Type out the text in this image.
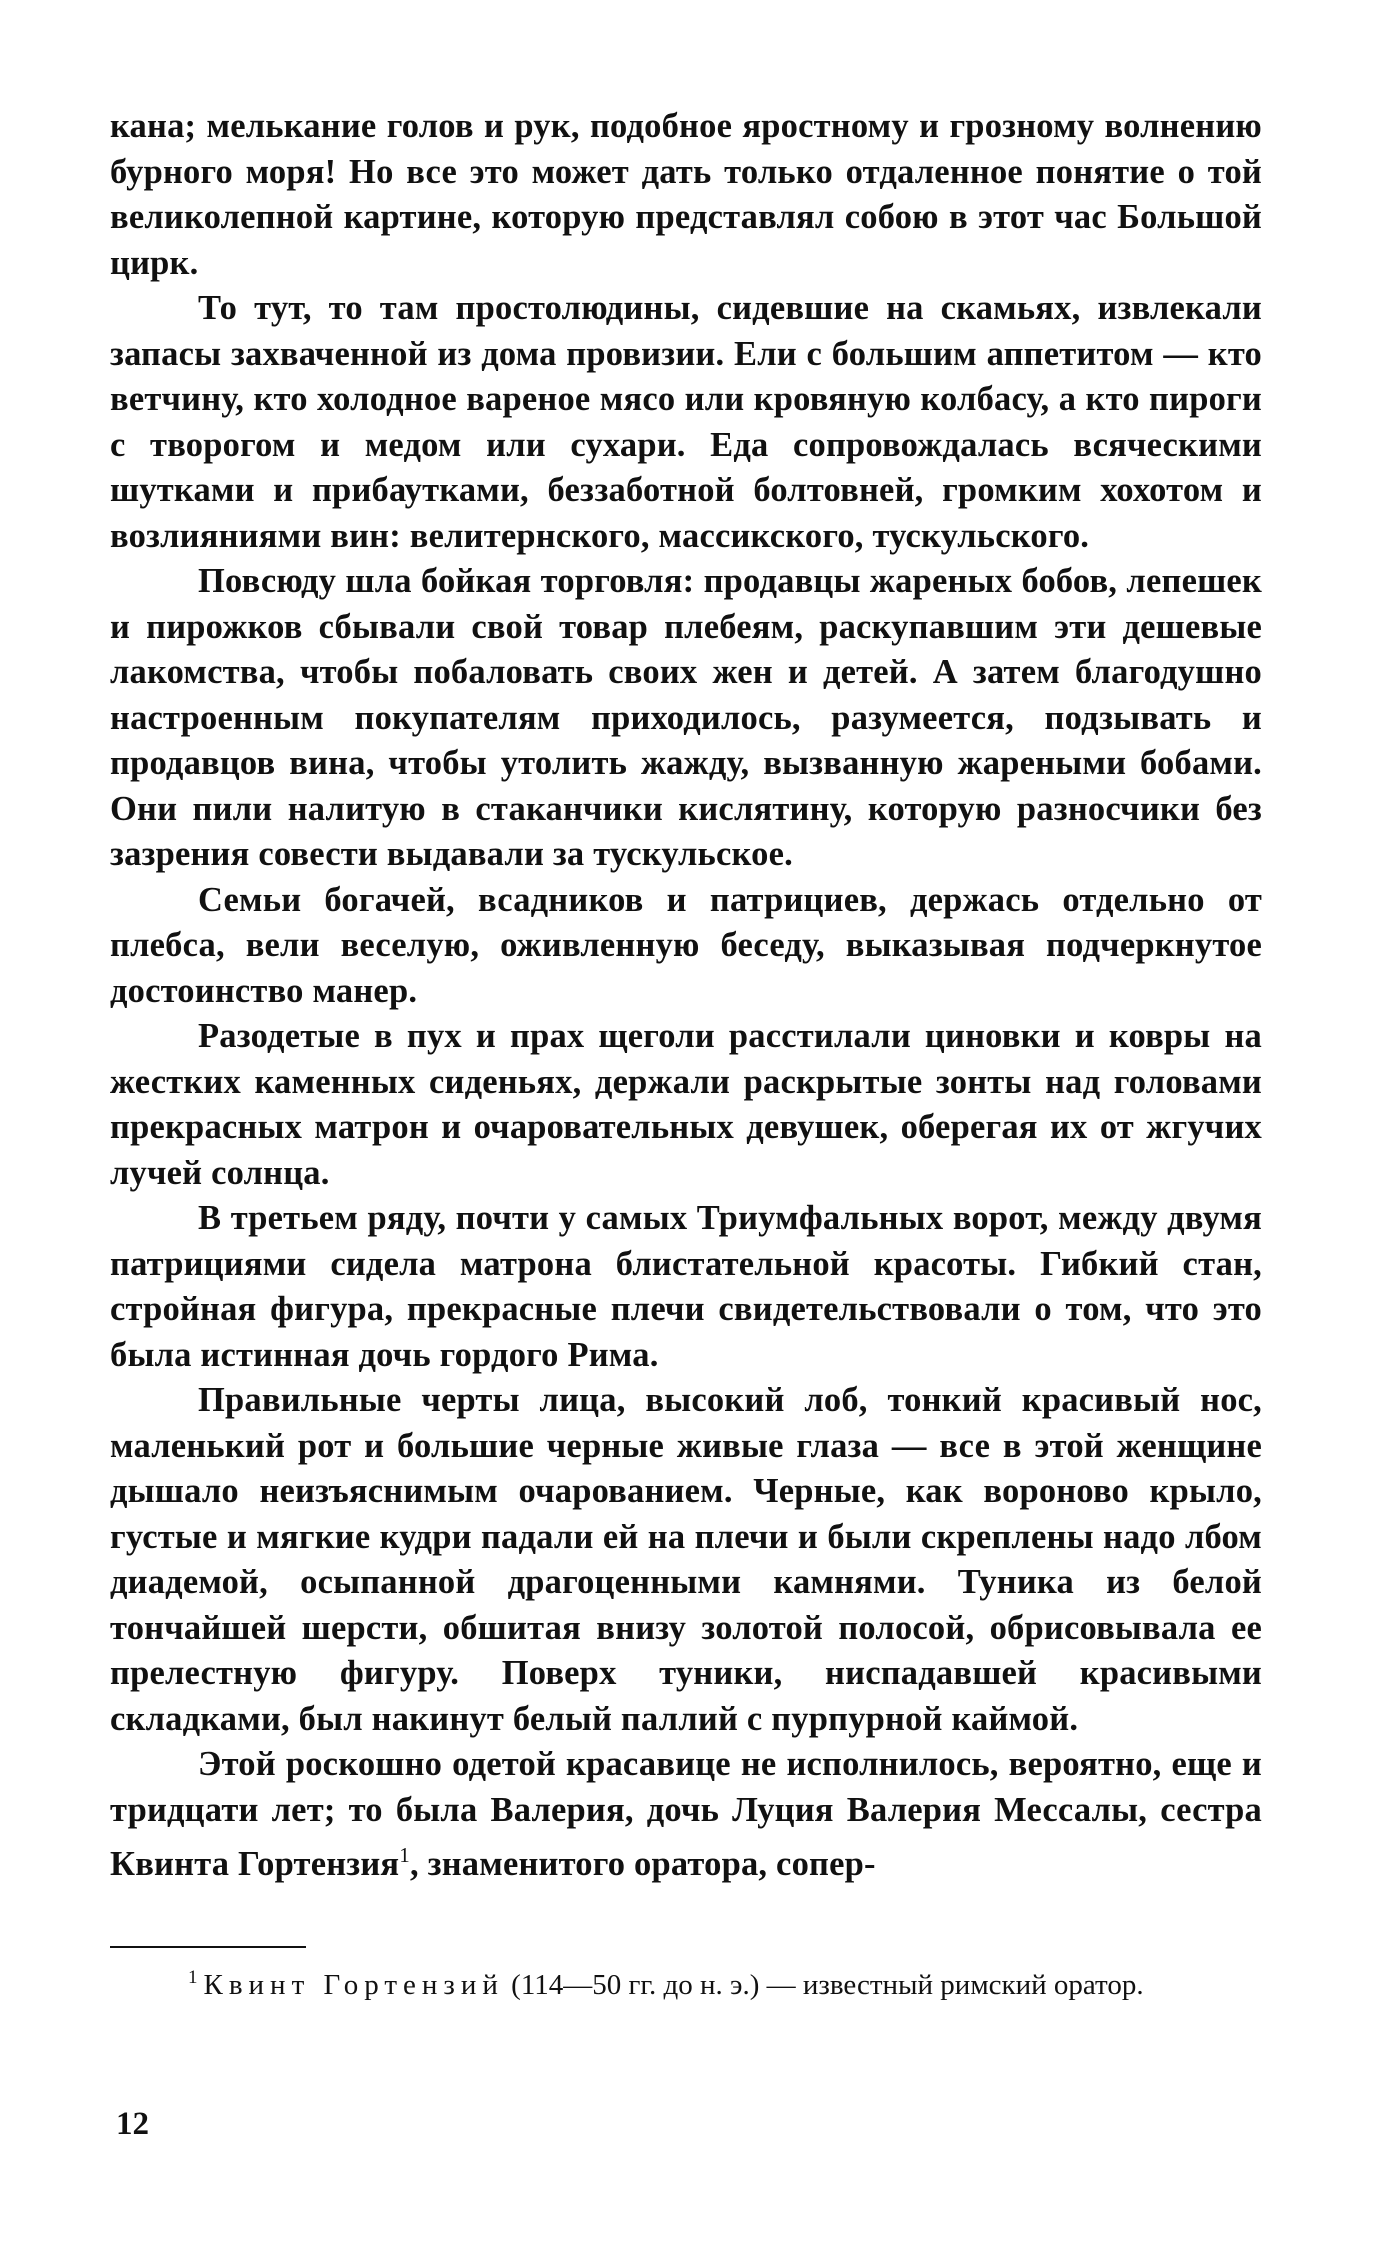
кана; мелькание голов и рук, подобное яростному и грозному волнению бурного моря! Но все это может дать только отдаленное понятие о той великолепной картине, которую представлял собою в этот час Большой цирк.

То тут, то там простолюдины, сидевшие на скамьях, извлекали запасы захваченной из дома провизии. Ели с большим аппетитом — кто ветчину, кто холодное вареное мясо или кровяную колбасу, а кто пироги с творогом и медом или сухари. Еда сопровождалась всяческими шутками и прибаутками, беззаботной болтовней, громким хохотом и возлияниями вин: велитернского, массикского, тускульского.

Повсюду шла бойкая торговля: продавцы жареных бобов, лепешек и пирожков сбывали свой товар плебеям, раскупавшим эти дешевые лакомства, чтобы побаловать своих жен и детей. А затем благодушно настроенным покупателям приходилось, разумеется, подзывать и продавцов вина, чтобы утолить жажду, вызванную жареными бобами. Они пили налитую в стаканчики кислятину, которую разносчики без зазрения совести выдавали за тускульское.

Семьи богачей, всадников и патрициев, держась отдельно от плебса, вели веселую, оживленную беседу, выказывая подчеркнутое достоинство манер.

Разодетые в пух и прах щеголи расстилали циновки и ковры на жестких каменных сиденьях, держали раскрытые зонты над головами прекрасных матрон и очаровательных девушек, оберегая их от жгучих лучей солнца.

В третьем ряду, почти у самых Триумфальных ворот, между двумя патрициями сидела матрона блистательной красоты. Гибкий стан, стройная фигура, прекрасные плечи свидетельствовали о том, что это была истинная дочь гордого Рима.

Правильные черты лица, высокий лоб, тонкий красивый нос, маленький рот и большие черные живые глаза — все в этой женщине дышало неизъяснимым очарованием. Черные, как вороново крыло, густые и мягкие кудри падали ей на плечи и были скреплены надо лбом диадемой, осыпанной драгоценными камнями. Туника из белой тончайшей шерсти, обшитая внизу золотой полосой, обрисовывала ее прелестную фигуру. Поверх туники, ниспадавшей красивыми складками, был накинут белый паллий с пурпурной каймой.

Этой роскошно одетой красавице не исполнилось, вероятно, еще и тридцати лет; то была Валерия, дочь Луция Валерия Мессалы, сестра Квинта Гортензия$^1$, знаменитого оратора, сопер-

$^1$ Квинт Гортензий (114—50 гг. до н. э.) — известный римский оратор.

12
